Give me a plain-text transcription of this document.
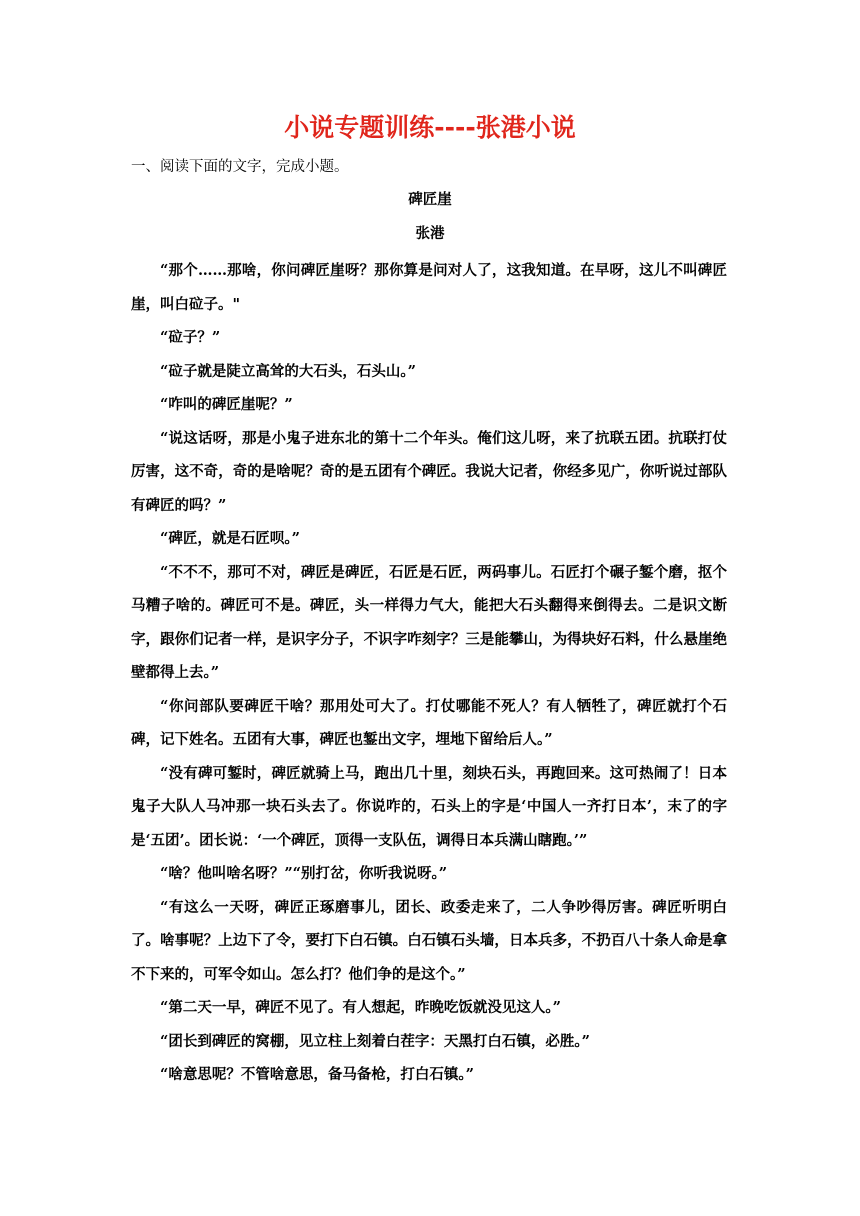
小说专题训练----张港小说
一、阅读下面的文字，完成小题。
碑匠崖
张港

“那个……那啥，你问碑匠崖呀？那你算是问对人了，这我知道。在早呀，这儿不叫碑匠崖，叫白砬子。"

“砬子？”

“砬子就是陡立高耸的大石头，石头山。”

“咋叫的碑匠崖呢？”

“说这话呀，那是小鬼子进东北的第十二个年头。俺们这儿呀，来了抗联五团。抗联打仗厉害，这不奇，奇的是啥呢？奇的是五团有个碑匠。我说大记者，你经多见广，你听说过部队有碑匠的吗？”

“碑匠，就是石匠呗。”

“不不不，那可不对，碑匠是碑匠，石匠是石匠，两码事儿。石匠打个碾子錾个磨，抠个马糟子啥的。碑匠可不是。碑匠，头一样得力气大，能把大石头翻得来倒得去。二是识文断字，跟你们记者一样，是识字分子，不识字咋刻字？三是能攀山，为得块好石料，什么悬崖绝壁都得上去。”

“你问部队要碑匠干啥？那用处可大了。打仗哪能不死人？有人牺牲了，碑匠就打个石碑，记下姓名。五团有大事，碑匠也錾出文字，埋地下留给后人。”

“没有碑可錾时，碑匠就骑上马，跑出几十里，刻块石头，再跑回来。这可热闹了！日本鬼子大队人马冲那一块石头去了。你说咋的，石头上的字是‘中国人一齐打日本’，末了的字是‘五团’。团长说：‘一个碑匠，顶得一支队伍，调得日本兵满山瞎跑。’”

“啥？他叫啥名呀？”“别打岔，你听我说呀。”

“有这么一天呀，碑匠正琢磨事儿，团长、政委走来了，二人争吵得厉害。碑匠听明白了。啥事呢？上边下了令，要打下白石镇。白石镇石头墙，日本兵多，不扔百八十条人命是拿不下来的，可军令如山。怎么打？他们争的是这个。”

“第二天一早，碑匠不见了。有人想起，昨晚吃饭就没见这人。”

“团长到碑匠的窝棚，见立柱上刻着白茬字：天黑打白石镇，必胜。”

“啥意思呢？不管啥意思，备马备枪，打白石镇。”
